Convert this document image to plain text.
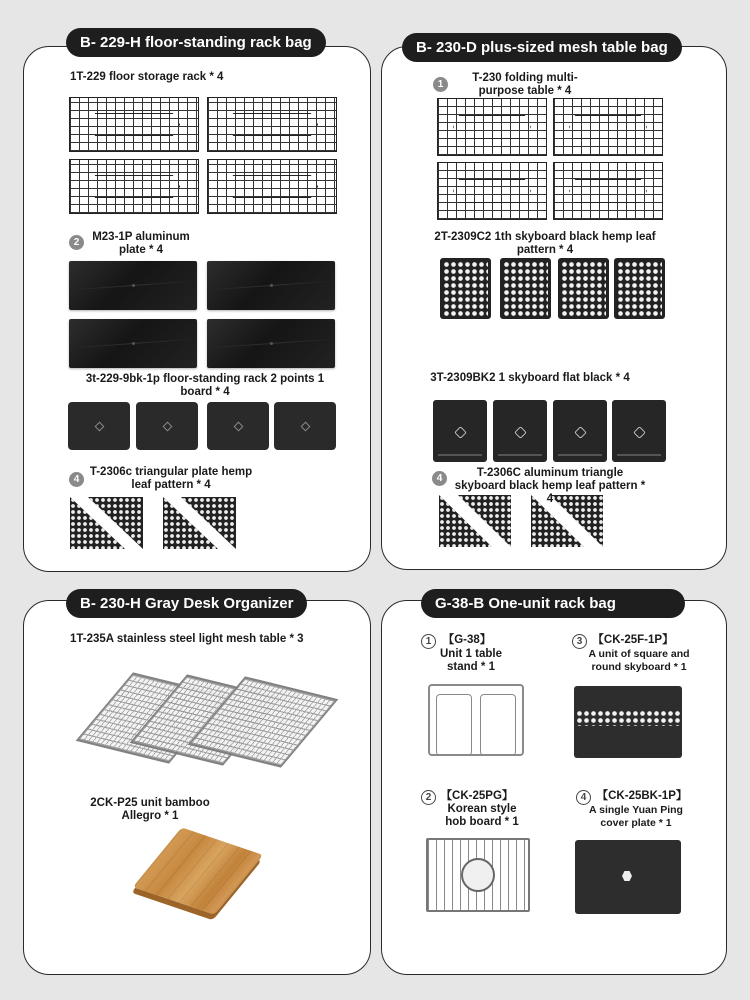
B- 229-H floor-standing rack bag
1T-229 floor storage rack * 4
2	M23-1P aluminum plate * 4
3t-229-9bk-1p floor-standing rack 2 points 1 board * 4
4
T-2306c triangular plate hemp leaf pattern * 4
B- 230-D plus-sized mesh table bag
1
T-230 folding multi-purpose table * 4
2T-2309C2 1th skyboard black hemp leaf pattern * 4
3T-2309BK2 1 skyboard flat black * 4
4	T-2306C aluminum triangle skyboard black hemp leaf pattern * 4
B- 230-H Gray Desk Organizer
1T-235A stainless steel light mesh table * 3
2CK-P25 unit bamboo Allegro * 1
G-38-B One-unit rack bag
1 【G-38】
Unit 1 table stand * 1
3 【CK-25F-1P】
A unit of square and round skyboard * 1
2 【CK-25PG】
Korean style hob board * 1
4 【CK-25BK-1P】
A single Yuan Ping cover plate * 1
